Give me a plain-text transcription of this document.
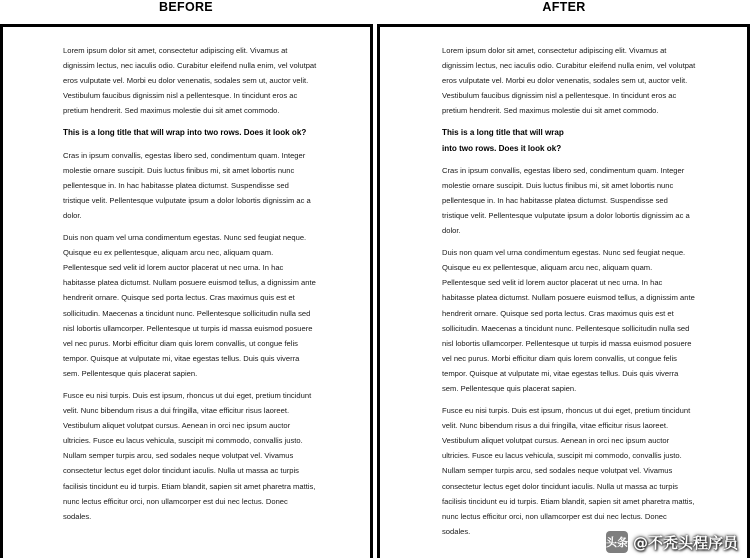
BEFORE	AFTER

Lorem ipsum dolor sit amet, consectetur adipiscing elit. Vivamus at dignissim lectus, nec iaculis odio. Curabitur eleifend nulla enim, vel volutpat eros vulputate vel. Morbi eu dolor venenatis, sodales sem ut, auctor velit. Vestibulum faucibus dignissim nisl a pellentesque. In tincidunt eros ac pretium hendrerit. Sed maximus molestie dui sit amet commodo.

This is a long title that will wrap into two rows. Does it look ok?

Cras in ipsum convallis, egestas libero sed, condimentum quam. Integer molestie ornare suscipit. Duis luctus finibus mi, sit amet lobortis nunc pellentesque in. In hac habitasse platea dictumst. Suspendisse sed tristique velit. Pellentesque vulputate ipsum a dolor lobortis dignissim ac a dolor.

Duis non quam vel urna condimentum egestas. Nunc sed feugiat neque. Quisque eu ex pellentesque, aliquam arcu nec, aliquam quam. Pellentesque sed velit id lorem auctor placerat ut nec urna. In hac habitasse platea dictumst. Nullam posuere euismod tellus, a dignissim ante hendrerit ornare. Quisque sed porta lectus. Cras maximus quis est et sollicitudin. Maecenas a tincidunt nunc. Pellentesque sollicitudin nulla sed nisl lobortis ullamcorper. Pellentesque ut turpis id massa euismod posuere vel nec purus. Morbi efficitur diam quis lorem convallis, ut congue felis tempor. Quisque at vulputate mi, vitae egestas tellus. Duis quis viverra sem. Pellentesque quis placerat sapien.

Fusce eu nisi turpis. Duis est ipsum, rhoncus ut dui eget, pretium tincidunt velit. Nunc bibendum risus a dui fringilla, vitae efficitur risus laoreet. Vestibulum aliquet volutpat cursus. Aenean in orci nec ipsum auctor ultricies. Fusce eu lacus vehicula, suscipit mi commodo, convallis justo. Nullam semper turpis arcu, sed sodales neque volutpat vel. Vivamus consectetur lectus eget dolor tincidunt iaculis. Nulla ut massa ac turpis facilisis tincidunt eu id turpis. Etiam blandit, sapien sit amet pharetra mattis, nunc lectus efficitur orci, non ullamcorper est dui nec lectus. Donec sodales.

Lorem ipsum dolor sit amet, consectetur adipiscing elit. Vivamus at dignissim lectus, nec iaculis odio. Curabitur eleifend nulla enim, vel volutpat eros vulputate vel. Morbi eu dolor venenatis, sodales sem ut, auctor velit. Vestibulum faucibus dignissim nisl a pellentesque. In tincidunt eros ac pretium hendrerit. Sed maximus molestie dui sit amet commodo.

This is a long title that will wrap
into two rows. Does it look ok?

Cras in ipsum convallis, egestas libero sed, condimentum quam. Integer molestie ornare suscipit. Duis luctus finibus mi, sit amet lobortis nunc pellentesque in. In hac habitasse platea dictumst. Suspendisse sed tristique velit. Pellentesque vulputate ipsum a dolor lobortis dignissim ac a dolor.

Duis non quam vel urna condimentum egestas. Nunc sed feugiat neque. Quisque eu ex pellentesque, aliquam arcu nec, aliquam quam. Pellentesque sed velit id lorem auctor placerat ut nec urna. In hac habitasse platea dictumst. Nullam posuere euismod tellus, a dignissim ante hendrerit ornare. Quisque sed porta lectus. Cras maximus quis est et sollicitudin. Maecenas a tincidunt nunc. Pellentesque sollicitudin nulla sed nisl lobortis ullamcorper. Pellentesque ut turpis id massa euismod posuere vel nec purus. Morbi efficitur diam quis lorem convallis, ut congue felis tempor. Quisque at vulputate mi, vitae egestas tellus. Duis quis viverra sem. Pellentesque quis placerat sapien.

Fusce eu nisi turpis. Duis est ipsum, rhoncus ut dui eget, pretium tincidunt velit. Nunc bibendum risus a dui fringilla, vitae efficitur risus laoreet. Vestibulum aliquet volutpat cursus. Aenean in orci nec ipsum auctor ultricies. Fusce eu lacus vehicula, suscipit mi commodo, convallis justo. Nullam semper turpis arcu, sed sodales neque volutpat vel. Vivamus consectetur lectus eget dolor tincidunt iaculis. Nulla ut massa ac turpis facilisis tincidunt eu id turpis. Etiam blandit, sapien sit amet pharetra mattis, nunc lectus efficitur orci, non ullamcorper est dui nec lectus. Donec sodales.

头条 @不秃头程序员
